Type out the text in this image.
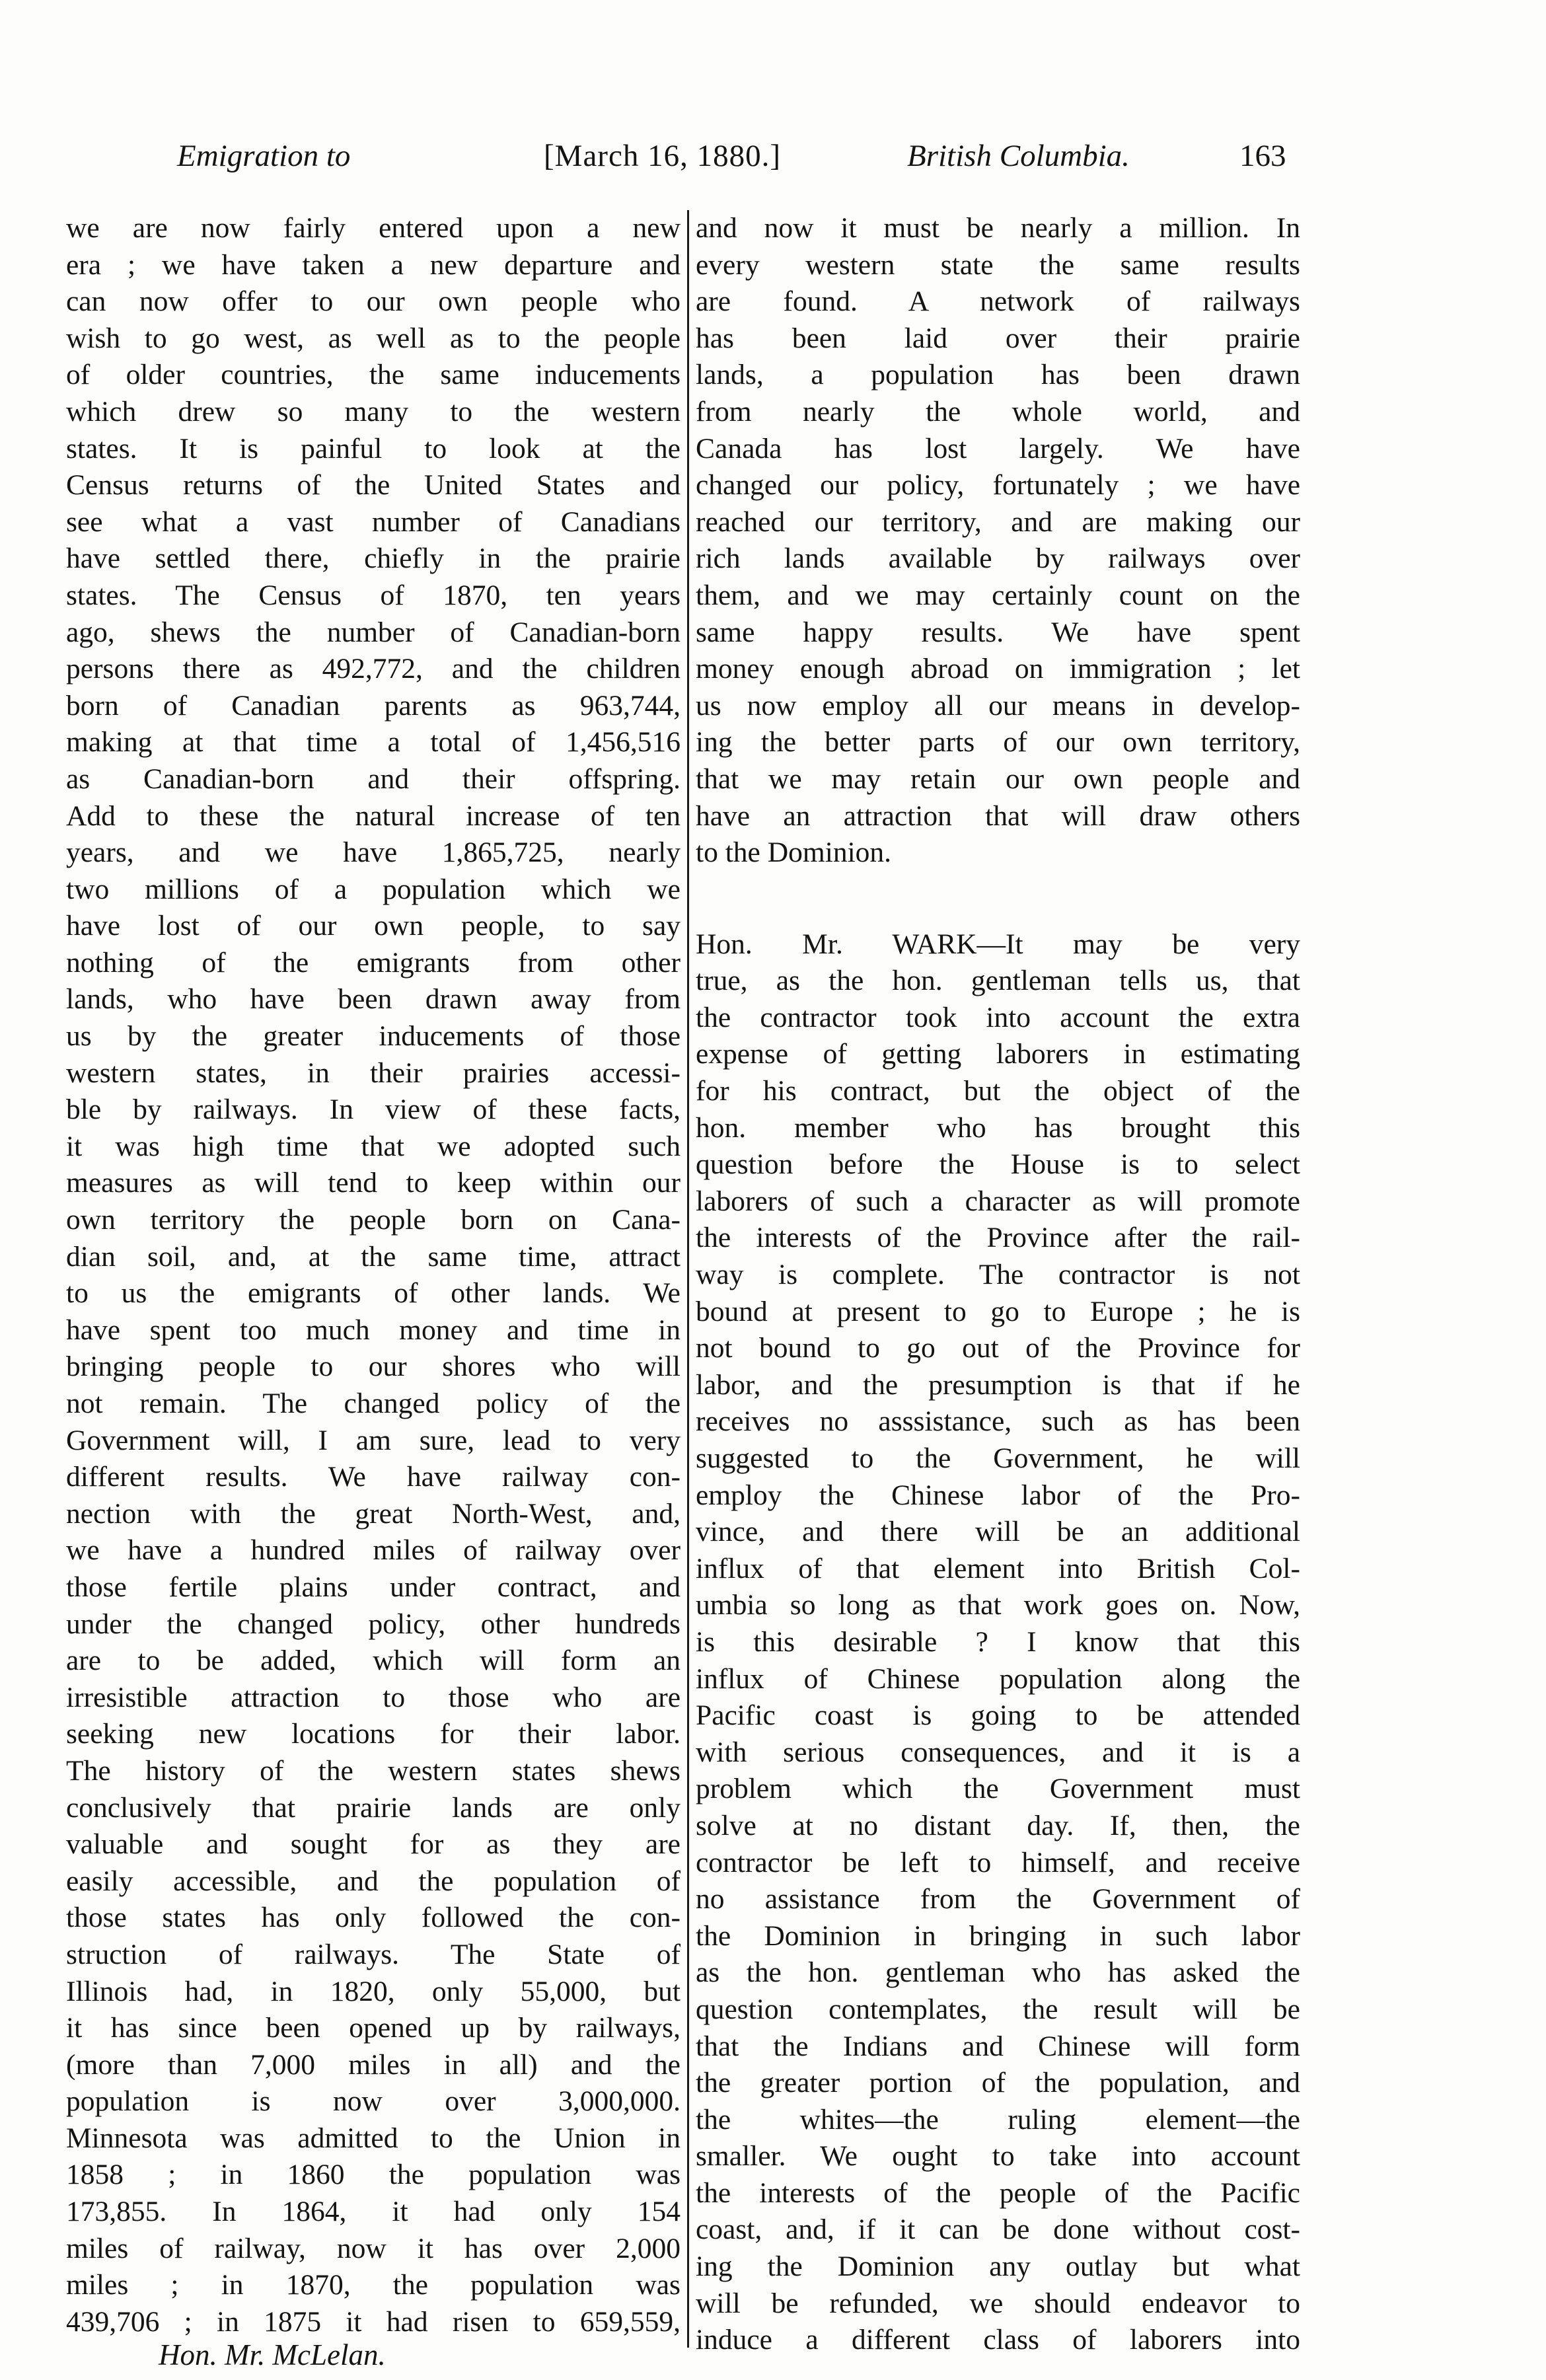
Emigration to	[March 16, 1880.]	British Columbia.	163
we are now fairly entered upon a new
era ; we have taken a new departure and
can now offer to our own people who
wish to go west, as well as to the people
of older countries, the same inducements
which drew so many to the western
states. It is painful to look at the
Census returns of the United States and
see what a vast number of Canadians
have settled there, chiefly in the prairie
states. The Census of 1870, ten years
ago, shews the number of Canadian-born
persons there as 492,772, and the children
born of Canadian parents as 963,744,
making at that time a total of 1,456,516
as Canadian-born and their offspring.
Add to these the natural increase of ten
years, and we have 1,865,725, nearly
two millions of a population which we
have lost of our own people, to say
nothing of the emigrants from other
lands, who have been drawn away from
us by the greater inducements of those
western states, in their prairies accessi-
ble by railways. In view of these facts,
it was high time that we adopted such
measures as will tend to keep within our
own territory the people born on Cana-
dian soil, and, at the same time, attract
to us the emigrants of other lands. We
have spent too much money and time in
bringing people to our shores who will
not remain. The changed policy of the
Government will, I am sure, lead to very
different results. We have railway con-
nection with the great North-West, and,
we have a hundred miles of railway over
those fertile plains under contract, and
under the changed policy, other hundreds
are to be added, which will form an
irresistible attraction to those who are
seeking new locations for their labor.
The history of the western states shews
conclusively that prairie lands are only
valuable and sought for as they are
easily accessible, and the population of
those states has only followed the con-
struction of railways. The State of
Illinois had, in 1820, only 55,000, but
it has since been opened up by railways,
(more than 7,000 miles in all) and the
population is now over 3,000,000.
Minnesota was admitted to the Union in
1858 ; in 1860 the population was
173,855. In 1864, it had only 154
miles of railway, now it has over 2,000
miles ; in 1870, the population was
439,706 ; in 1875 it had risen to 659,559,
and now it must be nearly a million. In
every western state the same results
are found. A network of railways
has been laid over their prairie
lands, a population has been drawn
from nearly the whole world, and
Canada has lost largely. We have
changed our policy, fortunately ; we have
reached our territory, and are making our
rich lands available by railways over
them, and we may certainly count on the
same happy results. We have spent
money enough abroad on immigration ; let
us now employ all our means in develop-
ing the better parts of our own territory,
that we may retain our own people and
have an attraction that will draw others
to the Dominion.
Hon. Mr. WARK—It may be very
true, as the hon. gentleman tells us, that
the contractor took into account the extra
expense of getting laborers in estimating
for his contract, but the object of the
hon. member who has brought this
question before the House is to select
laborers of such a character as will promote
the interests of the Province after the rail-
way is complete. The contractor is not
bound at present to go to Europe ; he is
not bound to go out of the Province for
labor, and the presumption is that if he
receives no asssistance, such as has been
suggested to the Government, he will
employ the Chinese labor of the Pro-
vince, and there will be an additional
influx of that element into British Col-
umbia so long as that work goes on. Now,
is this desirable ? I know that this
influx of Chinese population along the
Pacific coast is going to be attended
with serious consequences, and it is a
problem which the Government must
solve at no distant day. If, then, the
contractor be left to himself, and receive
no assistance from the Government of
the Dominion in bringing in such labor
as the hon. gentleman who has asked the
question contemplates, the result will be
that the Indians and Chinese will form
the greater portion of the population, and
the whites—the ruling element—the
smaller. We ought to take into account
the interests of the people of the Pacific
coast, and, if it can be done without cost-
ing the Dominion any outlay but what
will be refunded, we should endeavor to
induce a different class of laborers into
Hon. Mr. McLelan.
